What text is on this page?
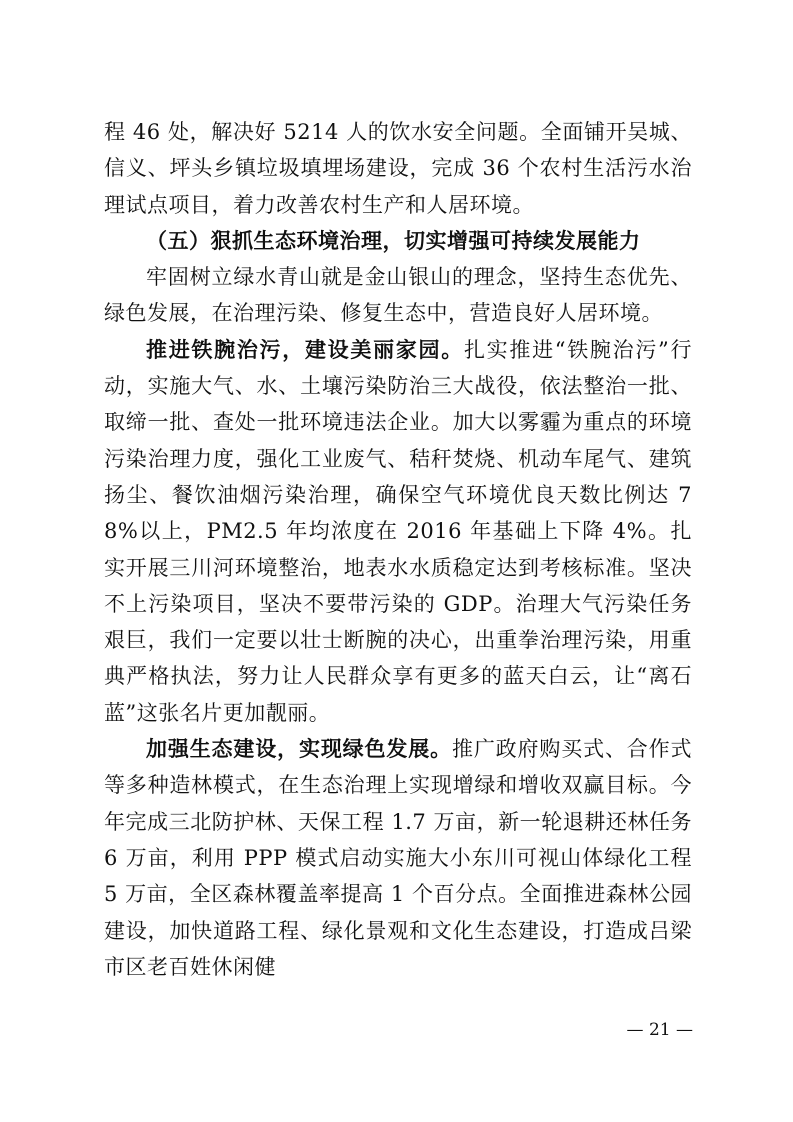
程 46 处，解决好 5214 人的饮水安全问题。全面铺开吴城、信义、坪头乡镇垃圾填埋场建设，完成 36 个农村生活污水治理试点项目，着力改善农村生产和人居环境。

（五）狠抓生态环境治理，切实增强可持续发展能力

牢固树立绿水青山就是金山银山的理念，坚持生态优先、绿色发展，在治理污染、修复生态中，营造良好人居环境。

推进铁腕治污，建设美丽家园。扎实推进“铁腕治污”行动，实施大气、水、土壤污染防治三大战役，依法整治一批、取缔一批、查处一批环境违法企业。加大以雾霾为重点的环境污染治理力度，强化工业废气、秸秆焚烧、机动车尾气、建筑扬尘、餐饮油烟污染治理，确保空气环境优良天数比例达 78%以上，PM2.5 年均浓度在 2016 年基础上下降 4%。扎实开展三川河环境整治，地表水水质稳定达到考核标准。坚决不上污染项目，坚决不要带污染的 GDP。治理大气污染任务艰巨，我们一定要以壮士断腕的决心，出重拳治理污染，用重典严格执法，努力让人民群众享有更多的蓝天白云，让“离石蓝”这张名片更加靓丽。

加强生态建设，实现绿色发展。推广政府购买式、合作式等多种造林模式，在生态治理上实现增绿和增收双赢目标。今年完成三北防护林、天保工程 1.7 万亩，新一轮退耕还林任务 6 万亩，利用 PPP 模式启动实施大小东川可视山体绿化工程 5 万亩，全区森林覆盖率提高 1 个百分点。全面推进森林公园建设，加快道路工程、绿化景观和文化生态建设，打造成吕梁市区老百姓休闲健

— 21 —
